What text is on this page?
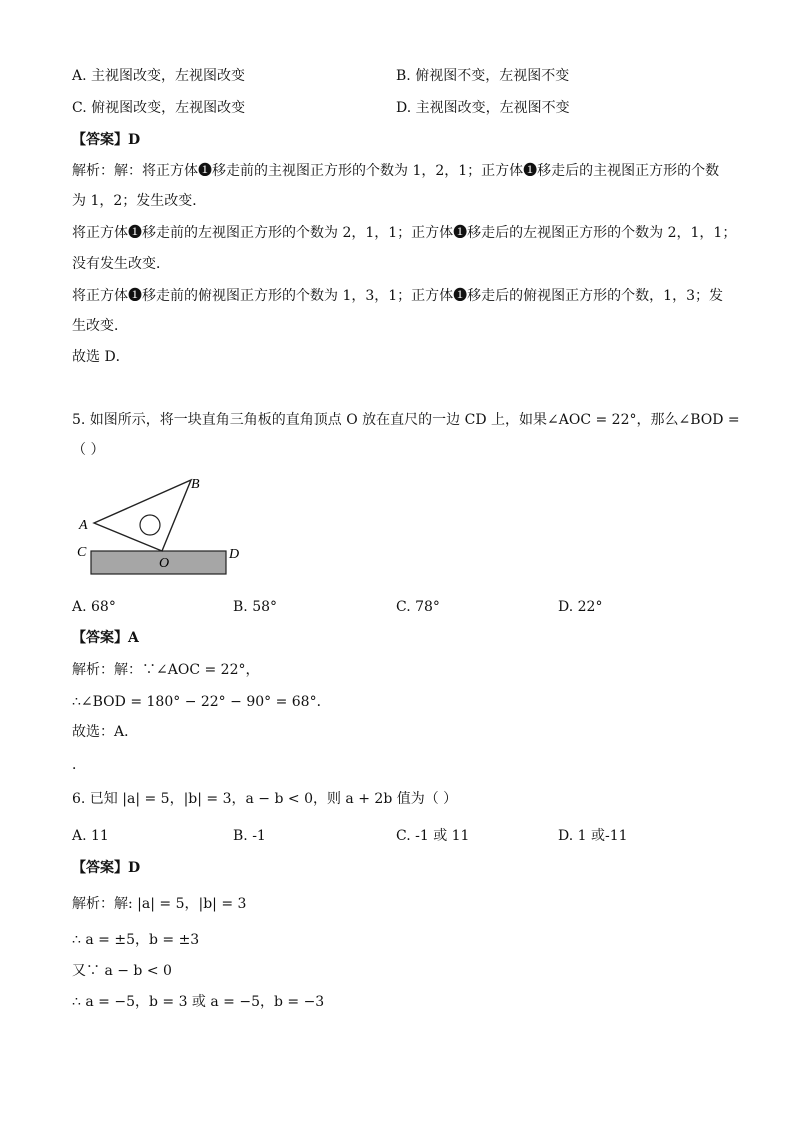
A. 主视图改变，左视图改变	B. 俯视图不变，左视图不变
C. 俯视图改变，左视图改变	D. 主视图改变，左视图不变
【答案】D
解析：解：将正方体➊移走前的主视图正方形的个数为 1，2，1；正方体➊移走后的主视图正方形的个数
为 1，2；发生改变．
将正方体➊移走前的左视图正方形的个数为 2，1，1；正方体➊移走后的左视图正方形的个数为 2，1，1；
没有发生改变．
将正方体➊移走前的俯视图正方形的个数为 1，3，1；正方体➊移走后的俯视图正方形的个数，1，3；发
生改变．
故选 D．
5. 如图所示，将一块直角三角板的直角顶点 O 放在直尺的一边 CD 上，如果∠AOC = 22°，那么∠BOD =
（ ）
A
B
C	D
O
A. 68°	B. 58°	C. 78°	D. 22°
【答案】A
解析：解：∵∠AOC = 22°，
∴∠BOD = 180° − 22° − 90° = 68°．
故选：A．
．
6. 已知 |a| = 5，|b| = 3，a − b < 0，则 a + 2b 值为（ ）
A. 11	B. -1	C. -1 或 11	D. 1 或-11
【答案】D
解析：解: |a| = 5，|b| = 3
∴ a = ±5，b = ±3
又∵ a − b < 0
∴ a = −5，b = 3 或 a = −5，b = −3
